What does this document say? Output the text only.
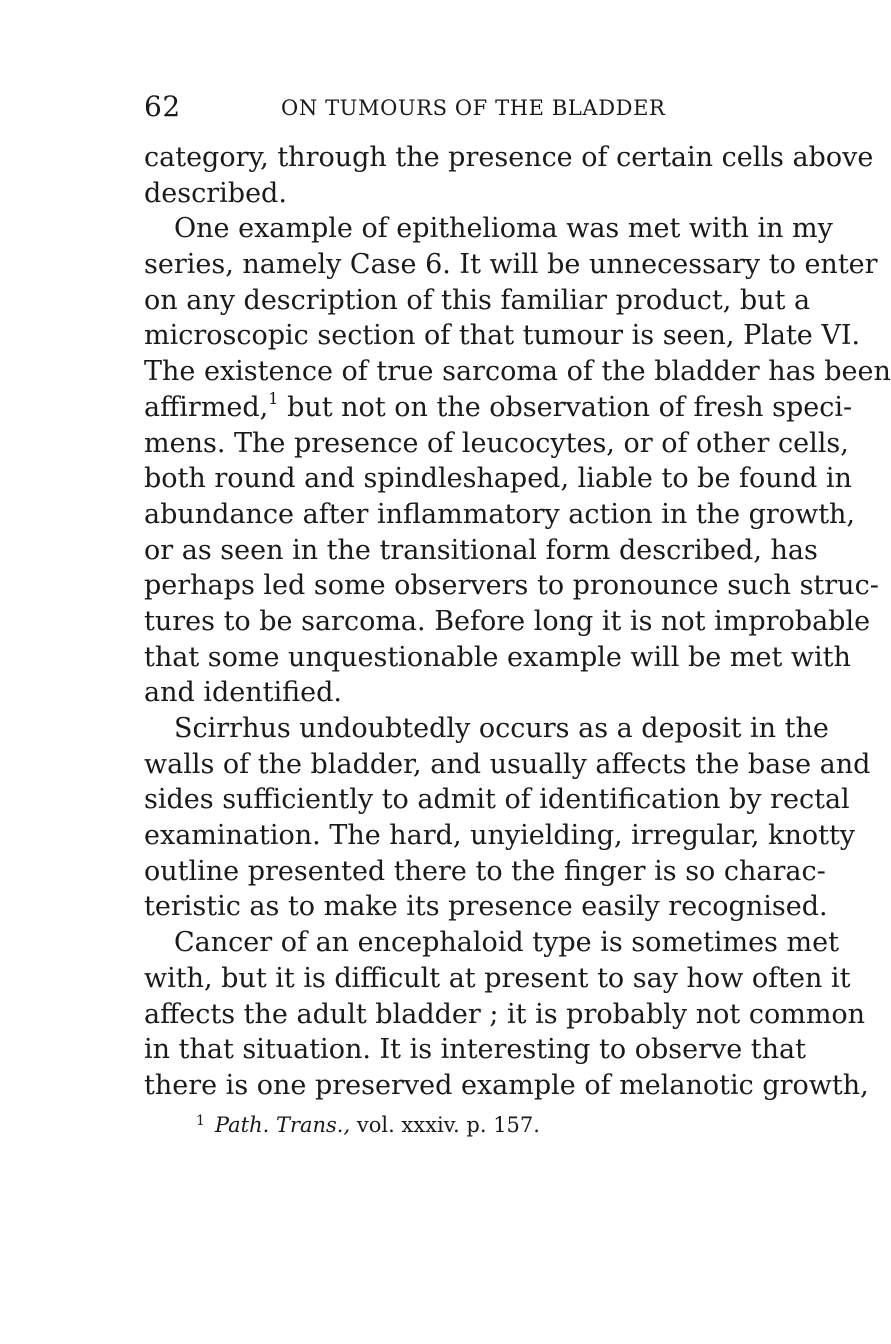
62	ON TUMOURS OF THE BLADDER
category, through the presence of certain cells above
described.
One example of epithelioma was met with in my
series, namely Case 6. It will be unnecessary to enter
on any description of this familiar product, but a
microscopic section of that tumour is seen, Plate VI.
The existence of true sarcoma of the bladder has been
affirmed,$^1$ but not on the observation of fresh speci-
mens. The presence of leucocytes, or of other cells,
both round and spindleshaped, liable to be found in
abundance after inflammatory action in the growth,
or as seen in the transitional form described, has
perhaps led some observers to pronounce such struc-
tures to be sarcoma. Before long it is not improbable
that some unquestionable example will be met with
and identified.
Scirrhus undoubtedly occurs as a deposit in the
walls of the bladder, and usually affects the base and
sides sufficiently to admit of identification by rectal
examination. The hard, unyielding, irregular, knotty
outline presented there to the finger is so charac-
teristic as to make its presence easily recognised.
Cancer of an encephaloid type is sometimes met
with, but it is difficult at present to say how often it
affects the adult bladder ; it is probably not common
in that situation. It is interesting to observe that
there is one preserved example of melanotic growth,
$^1$ Path. Trans., vol. xxxiv. p. 157.
